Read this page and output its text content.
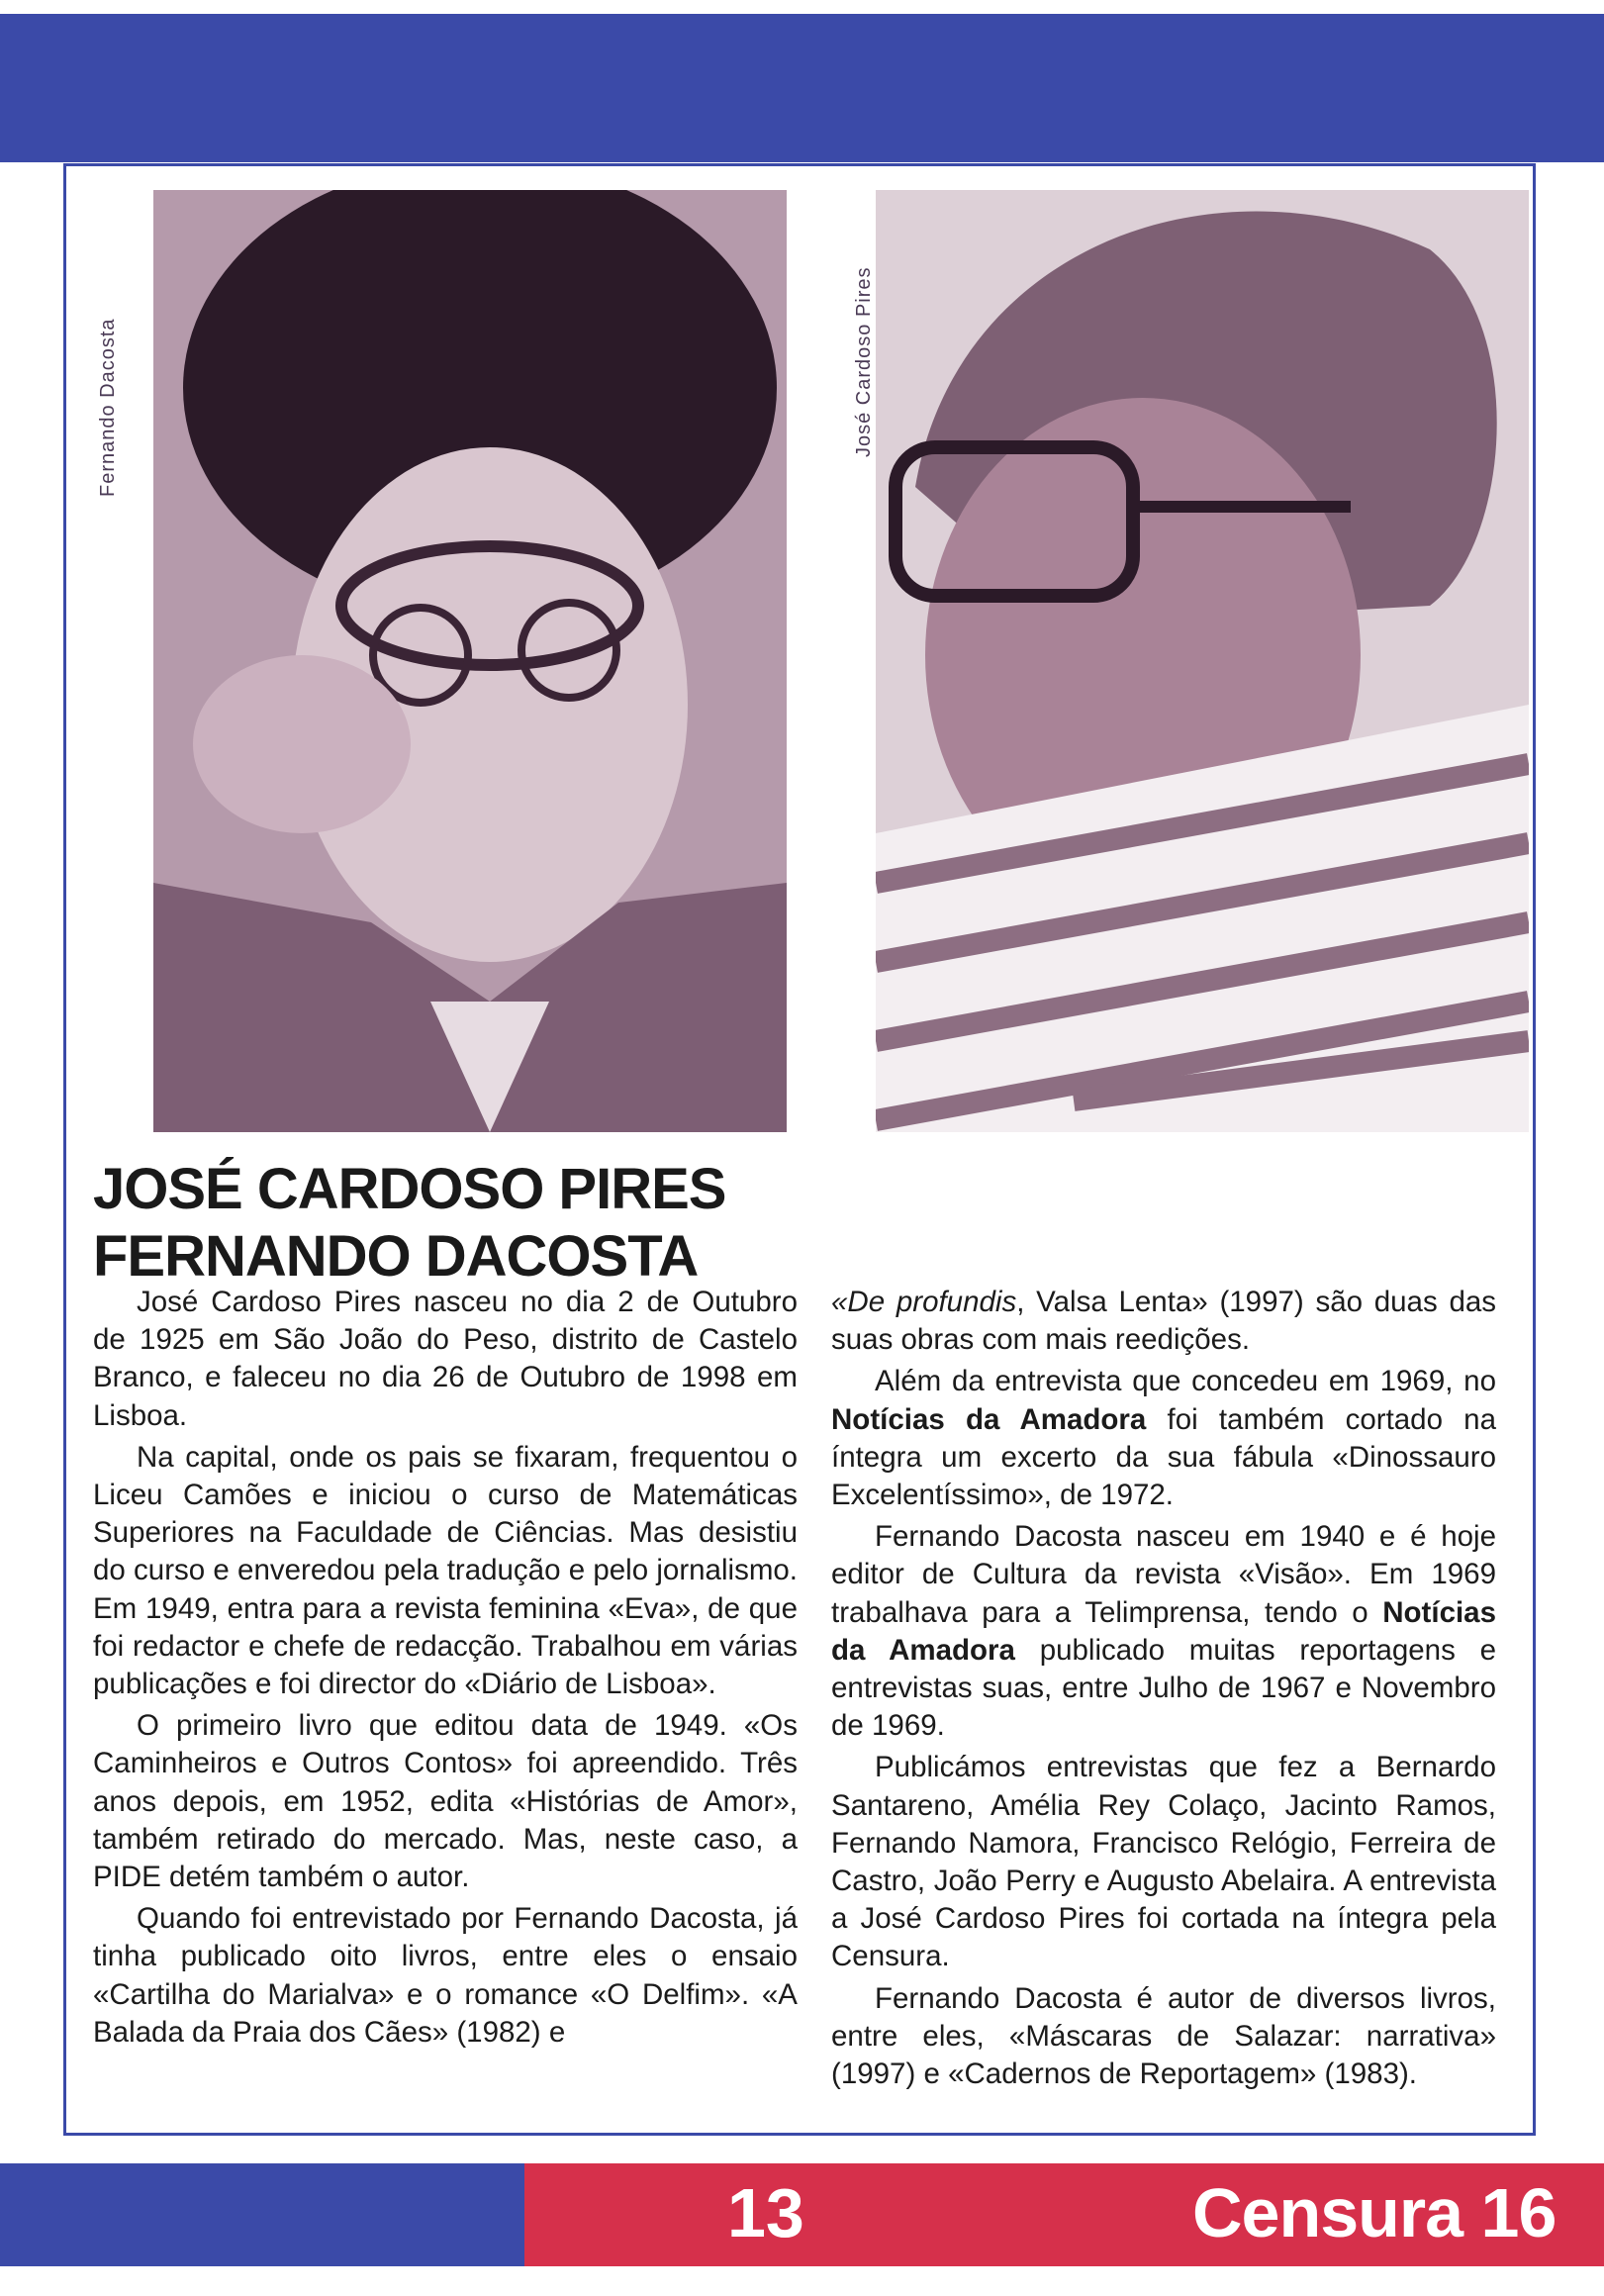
Fernando Dacosta	José Cardoso Pires
JOSÉ CARDOSO PIRES
FERNANDO DACOSTA

José Cardoso Pires nasceu no dia 2 de Outubro de 1925 em São João do Peso, distrito de Castelo Branco, e faleceu no dia 26 de Outubro de 1998 em Lisboa.

Na capital, onde os pais se fixaram, frequentou o Liceu Camões e iniciou o curso de Matemáticas Superiores na Faculdade de Ciências. Mas desistiu do curso e enveredou pela tradução e pelo jornalismo. Em 1949, entra para a revista feminina «Eva», de que foi redactor e chefe de redacção. Trabalhou em várias publicações e foi director do «Diário de Lisboa».

O primeiro livro que editou data de 1949. «Os Caminheiros e Outros Contos» foi apreendido. Três anos depois, em 1952, edita «Histórias de Amor», também retirado do mercado. Mas, neste caso, a PIDE detém também o autor.

Quando foi entrevistado por Fernando Dacosta, já tinha publicado oito livros, entre eles o ensaio «Cartilha do Marialva» e o romance «O Delfim». «A Balada da Praia dos Cães» (1982) e

«De profundis, Valsa Lenta» (1997) são duas das suas obras com mais reedições.

Além da entrevista que concedeu em 1969, no Notícias da Amadora foi também cortado na íntegra um excerto da sua fábula «Dinossauro Excelentíssimo», de 1972.

Fernando Dacosta nasceu em 1940 e é hoje editor de Cultura da revista «Visão». Em 1969 trabalhava para a Telimprensa, tendo o Notícias da Amadora publicado muitas reportagens e entrevistas suas, entre Julho de 1967 e Novembro de 1969.

Publicámos entrevistas que fez a Bernardo Santareno, Amélia Rey Colaço, Jacinto Ramos, Fernando Namora, Francisco Relógio, Ferreira de Castro, João Perry e Augusto Abelaira. A entrevista a José Cardoso Pires foi cortada na íntegra pela Censura.

Fernando Dacosta é autor de diversos livros, entre eles, «Máscaras de Salazar: narrativa» (1997) e «Cadernos de Reportagem» (1983).

13	Censura 16
